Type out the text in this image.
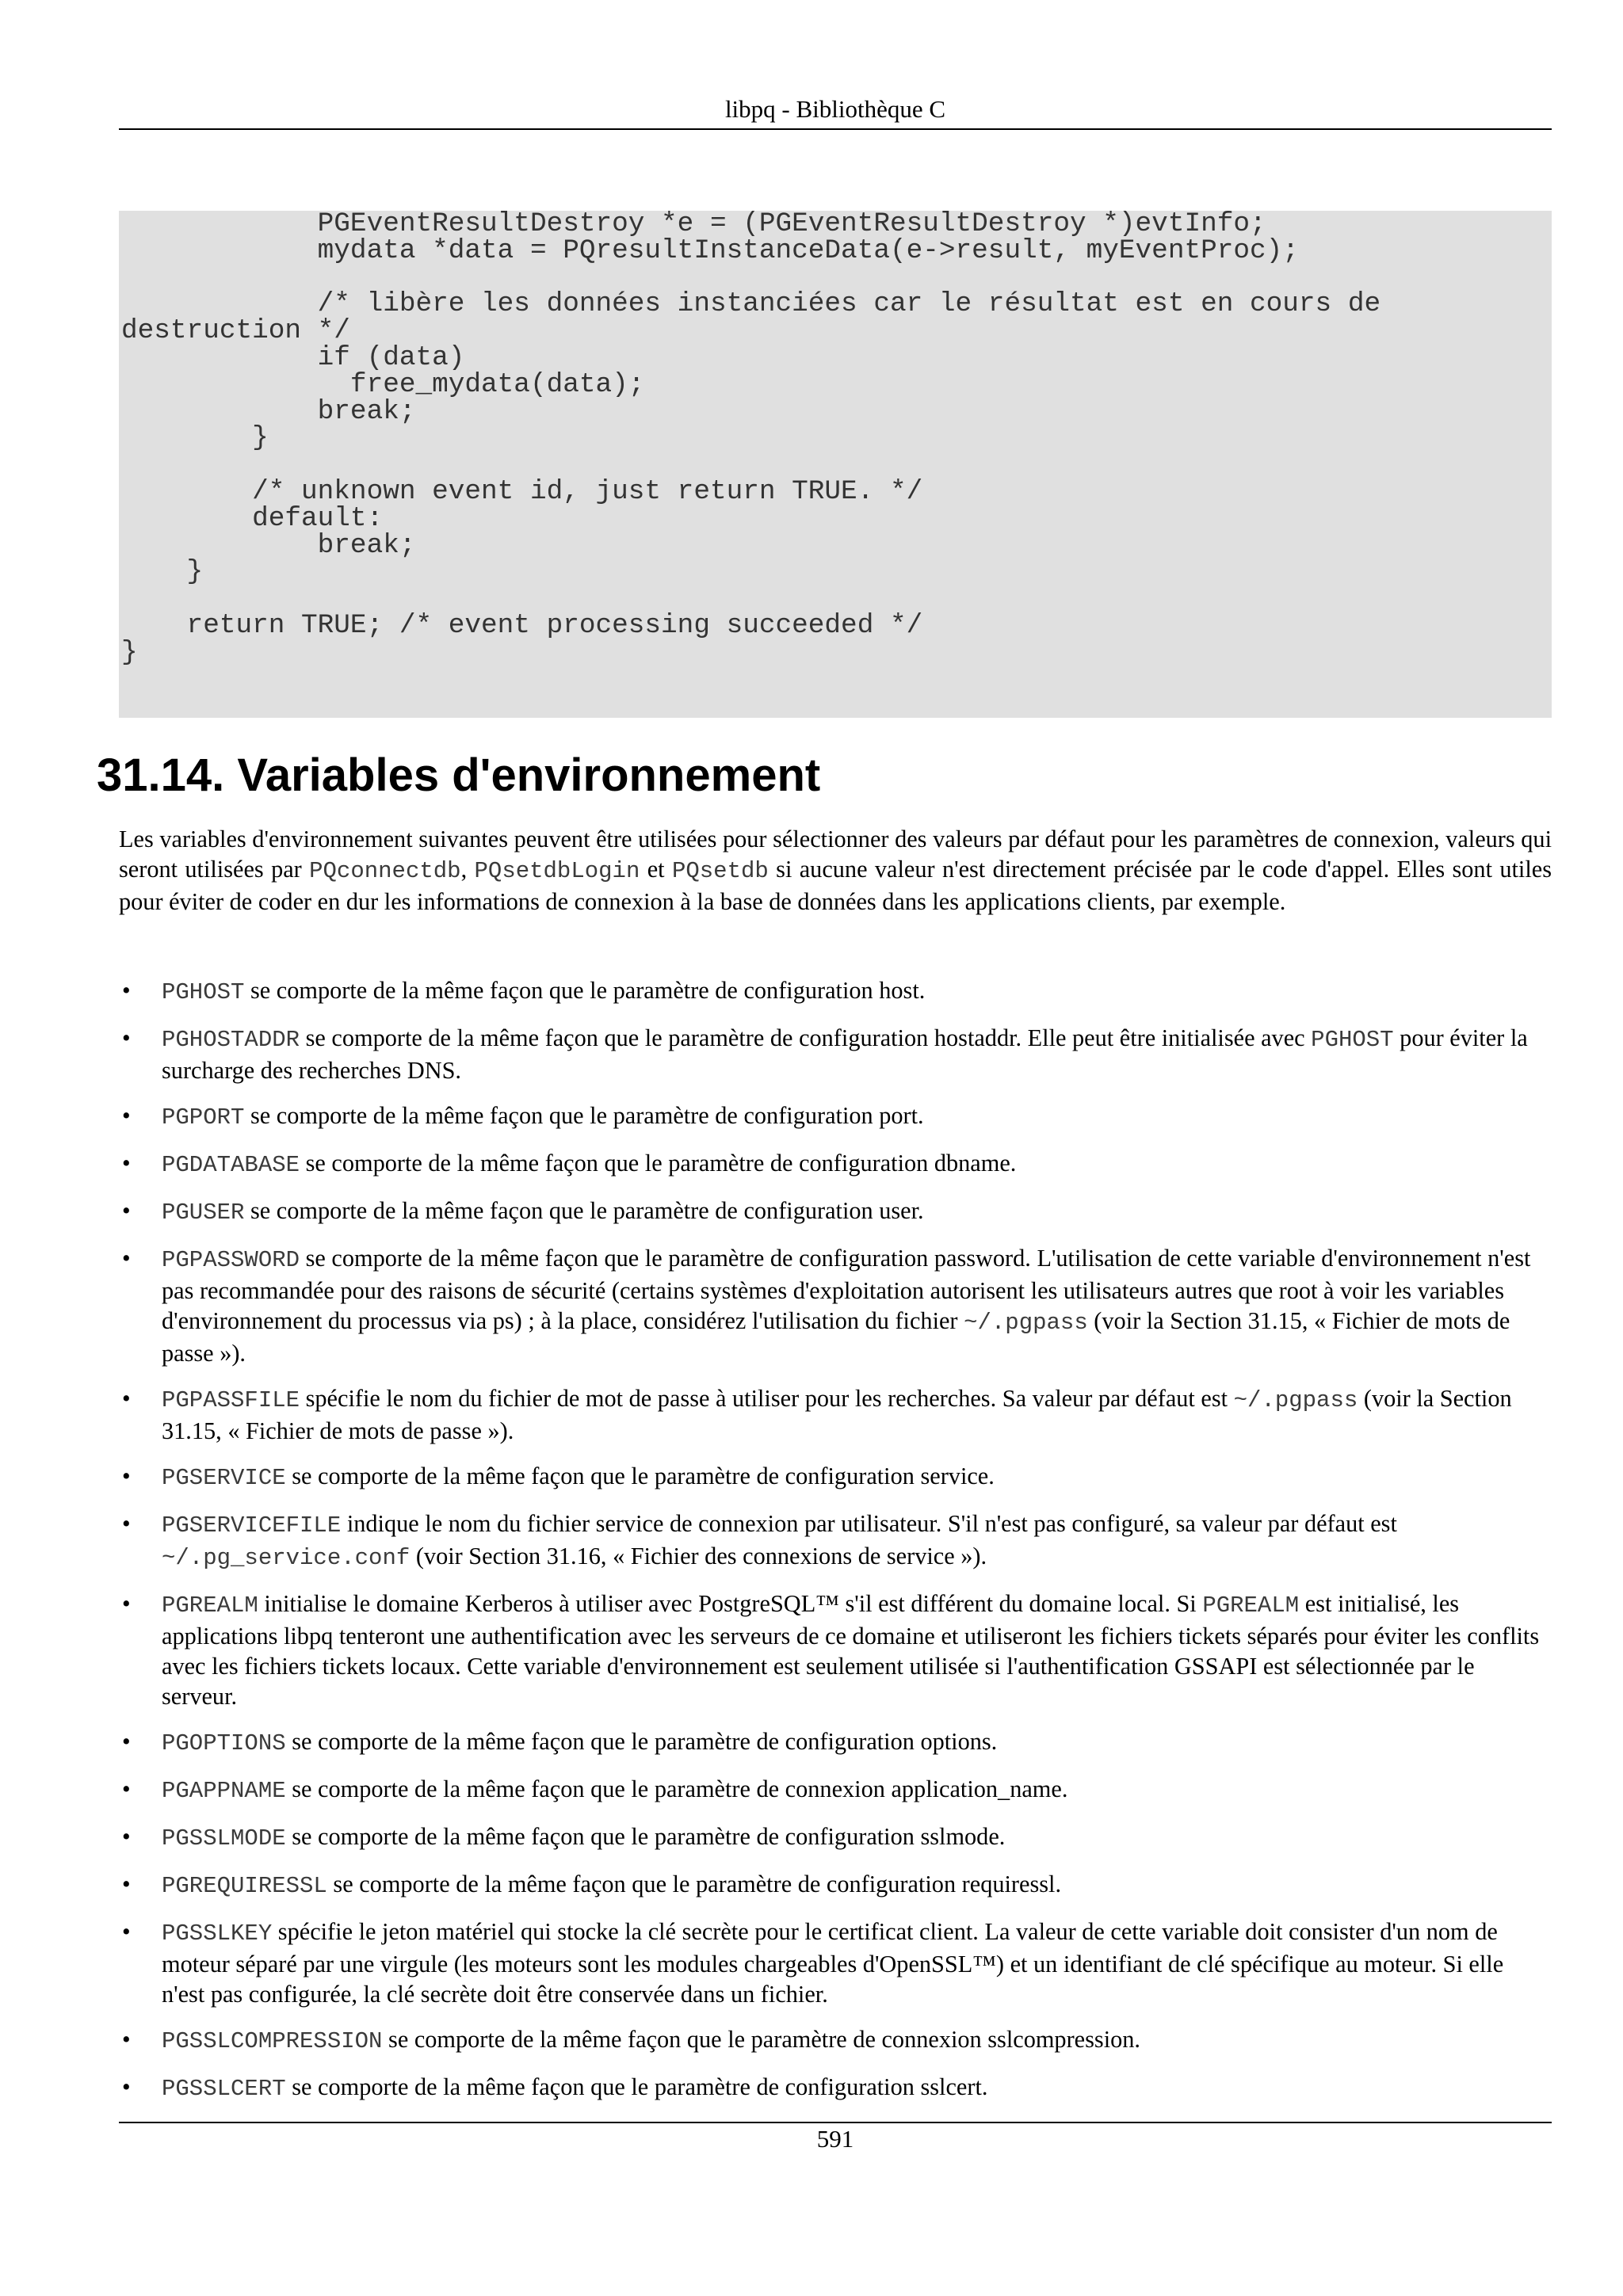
libpq - Bibliothèque C
PGEventResultDestroy *e = (PGEventResultDestroy *)evtInfo;
mydata *data = PQresultInstanceData(e->result, myEventProc);

/* libère les données instanciées car le résultat est en cours de
destruction */
if (data)
free_mydata(data);
break;
}

/* unknown event id, just return TRUE. */
default:
break;
}

return TRUE; /* event processing succeeded */
}
31.14. Variables d'environnement

Les variables d'environnement suivantes peuvent être utilisées pour sélectionner des valeurs par défaut pour les paramètres de connexion, valeurs qui seront utilisées par PQconnectdb, PQsetdbLogin et PQsetdb si aucune valeur n'est directement précisée par le code d'appel. Elles sont utiles pour éviter de coder en dur les informations de connexion à la base de données dans les applications clients, par exemple.

• PGHOST se comporte de la même façon que le paramètre de configuration host.
• PGHOSTADDR se comporte de la même façon que le paramètre de configuration hostaddr. Elle peut être initialisée avec PGHOST pour éviter la surcharge des recherches DNS.
• PGPORT se comporte de la même façon que le paramètre de configuration port.
• PGDATABASE se comporte de la même façon que le paramètre de configuration dbname.
• PGUSER se comporte de la même façon que le paramètre de configuration user.
• PGPASSWORD se comporte de la même façon que le paramètre de configuration password. L'utilisation de cette variable d'environnement n'est pas recommandée pour des raisons de sécurité (certains systèmes d'exploitation autorisent les utilisateurs autres que root à voir les variables d'environnement du processus via ps) ; à la place, considérez l'utilisation du fichier ~/.pgpass (voir la Section 31.15, « Fichier de mots de passe »).
• PGPASSFILE spécifie le nom du fichier de mot de passe à utiliser pour les recherches. Sa valeur par défaut est ~/.pgpass (voir la Section 31.15, « Fichier de mots de passe »).
• PGSERVICE se comporte de la même façon que le paramètre de configuration service.
• PGSERVICEFILE indique le nom du fichier service de connexion par utilisateur. S'il n'est pas configuré, sa valeur par défaut est ~/.pg_service.conf (voir Section 31.16, « Fichier des connexions de service »).
• PGREALM initialise le domaine Kerberos à utiliser avec PostgreSQL™ s'il est différent du domaine local. Si PGREALM est initialisé, les applications libpq tenteront une authentification avec les serveurs de ce domaine et utiliseront les fichiers tickets séparés pour éviter les conflits avec les fichiers tickets locaux. Cette variable d'environnement est seulement utilisée si l'authentification GSSAPI est sélectionnée par le serveur.
• PGOPTIONS se comporte de la même façon que le paramètre de configuration options.
• PGAPPNAME se comporte de la même façon que le paramètre de connexion application_name.
• PGSSLMODE se comporte de la même façon que le paramètre de configuration sslmode.
• PGREQUIRESSL se comporte de la même façon que le paramètre de configuration requiressl.
• PGSSLKEY spécifie le jeton matériel qui stocke la clé secrète pour le certificat client. La valeur de cette variable doit consister d'un nom de moteur séparé par une virgule (les moteurs sont les modules chargeables d'OpenSSL™) et un identifiant de clé spécifique au moteur. Si elle n'est pas configurée, la clé secrète doit être conservée dans un fichier.
• PGSSLCOMPRESSION se comporte de la même façon que le paramètre de connexion sslcompression.
• PGSSLCERT se comporte de la même façon que le paramètre de configuration sslcert.
591
